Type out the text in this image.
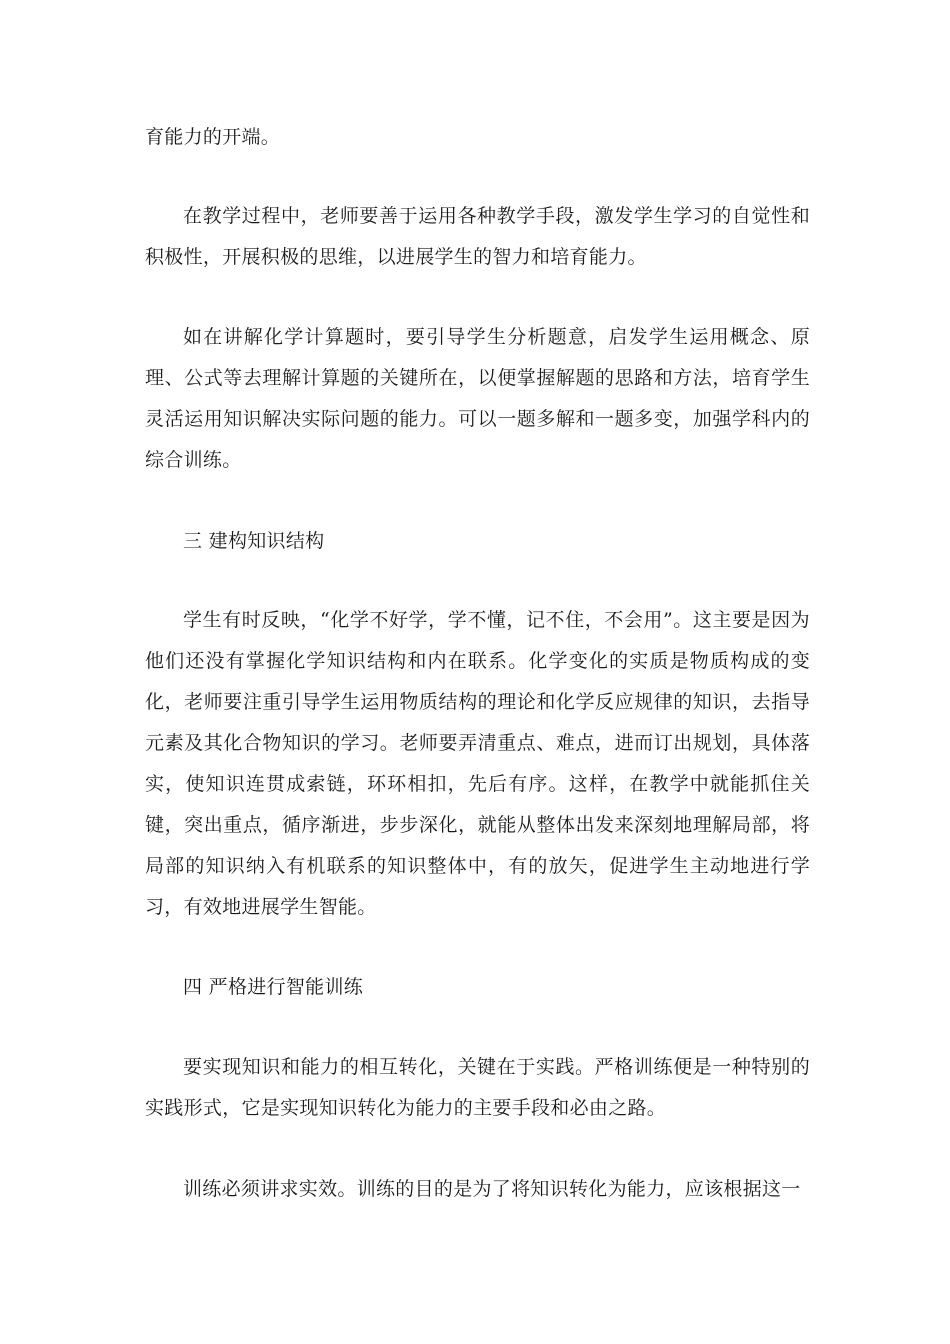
育能力的开端。

在教学过程中，老师要善于运用各种教学手段，激发学生学习的自觉性和积极性，开展积极的思维，以进展学生的智力和培育能力。

如在讲解化学计算题时，要引导学生分析题意，启发学生运用概念、原理、公式等去理解计算题的关键所在，以便掌握解题的思路和方法，培育学生灵活运用知识解决实际问题的能力。可以一题多解和一题多变，加强学科内的综合训练。

三 建构知识结构

学生有时反映，“化学不好学，学不懂，记不住，不会用”。这主要是因为他们还没有掌握化学知识结构和内在联系。化学变化的实质是物质构成的变化，老师要注重引导学生运用物质结构的理论和化学反应规律的知识，去指导元素及其化合物知识的学习。老师要弄清重点、难点，进而订出规划，具体落实，使知识连贯成索链，环环相扣，先后有序。这样，在教学中就能抓住关键，突出重点，循序渐进，步步深化，就能从整体出发来深刻地理解局部，将局部的知识纳入有机联系的知识整体中，有的放矢，促进学生主动地进行学习，有效地进展学生智能。

四 严格进行智能训练

要实现知识和能力的相互转化，关键在于实践。严格训练便是一种特别的实践形式，它是实现知识转化为能力的主要手段和必由之路。

训练必须讲求实效。训练的目的是为了将知识转化为能力，应该根据这一
